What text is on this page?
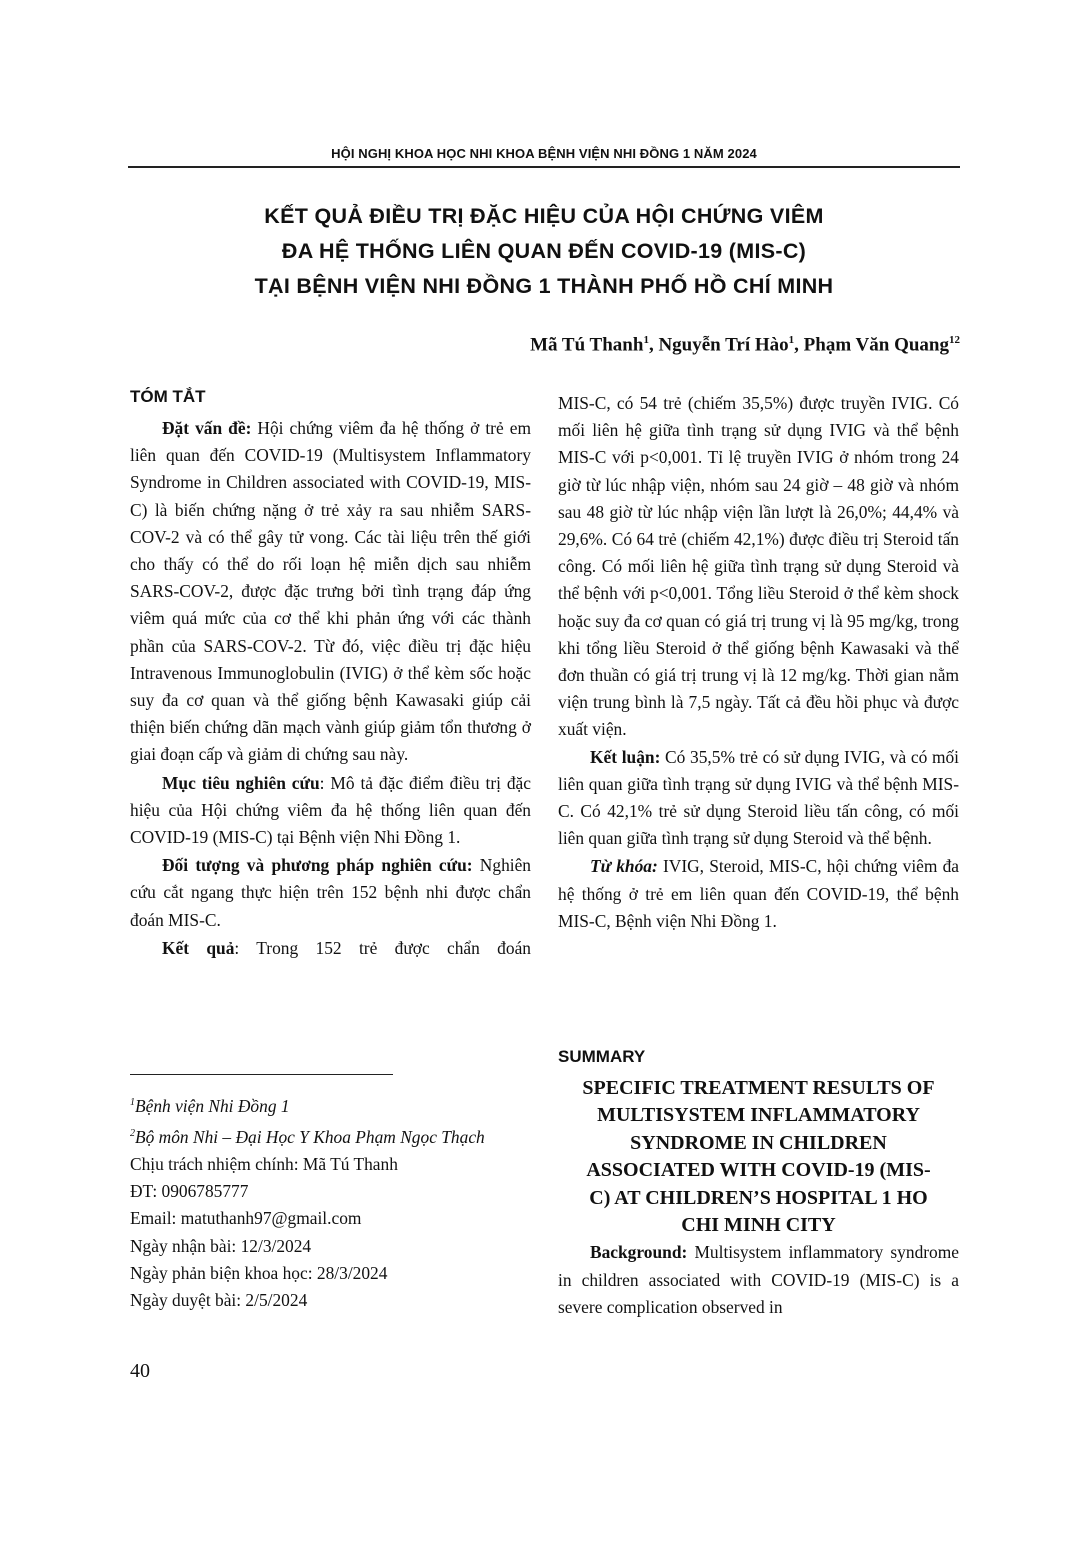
HỘI NGHỊ KHOA HỌC NHI KHOA BỆNH VIỆN NHI ĐỒNG 1 NĂM 2024
KẾT QUẢ ĐIỀU TRỊ ĐẶC HIỆU CỦA HỘI CHỨNG VIÊM
ĐA HỆ THỐNG LIÊN QUAN ĐẾN COVID-19 (MIS-C)
TẠI BỆNH VIỆN NHI ĐỒNG 1 THÀNH PHỐ HỒ CHÍ MINH
Mã Tú Thanh$^1$, Nguyễn Trí Hào$^1$, Phạm Văn Quang$^{12}$
TÓM TẮT

Đặt vấn đề: Hội chứng viêm đa hệ thống ở trẻ em liên quan đến COVID-19 (Multisystem Inflammatory Syndrome in Children associated with COVID-19, MIS-C) là biến chứng nặng ở trẻ xảy ra sau nhiễm SARS-COV-2 và có thể gây tử vong. Các tài liệu trên thế giới cho thấy có thể do rối loạn hệ miễn dịch sau nhiễm SARS-COV-2, được đặc trưng bởi tình trạng đáp ứng viêm quá mức của cơ thể khi phản ứng với các thành phần của SARS-COV-2. Từ đó, việc điều trị đặc hiệu Intravenous Immunoglobulin (IVIG) ở thể kèm sốc hoặc suy đa cơ quan và thể giống bệnh Kawasaki giúp cải thiện biến chứng dãn mạch vành giúp giảm tổn thương ở giai đoạn cấp và giảm di chứng sau này.

Mục tiêu nghiên cứu: Mô tả đặc điểm điều trị đặc hiệu của Hội chứng viêm đa hệ thống liên quan đến COVID-19 (MIS-C) tại Bệnh viện Nhi Đồng 1.

Đối tượng và phương pháp nghiên cứu: Nghiên cứu cắt ngang thực hiện trên 152 bệnh nhi được chẩn đoán MIS-C.

Kết quả: Trong 152 trẻ được chẩn đoán

$^1$Bệnh viện Nhi Đồng 1
$^2$Bộ môn Nhi – Đại Học Y Khoa Phạm Ngọc Thạch
Chịu trách nhiệm chính: Mã Tú Thanh
ĐT: 0906785777
Email: matuthanh97@gmail.com
Ngày nhận bài: 12/3/2024
Ngày phản biện khoa học: 28/3/2024
Ngày duyệt bài: 2/5/2024

MIS-C, có 54 trẻ (chiếm 35,5%) được truyền IVIG. Có mối liên hệ giữa tình trạng sử dụng IVIG và thể bệnh MIS-C với p<0,001. Tỉ lệ truyền IVIG ở nhóm trong 24 giờ từ lúc nhập viện, nhóm sau 24 giờ – 48 giờ và nhóm sau 48 giờ từ lúc nhập viện lần lượt là 26,0%; 44,4% và 29,6%. Có 64 trẻ (chiếm 42,1%) được điều trị Steroid tấn công. Có mối liên hệ giữa tình trạng sử dụng Steroid và thể bệnh với p<0,001. Tổng liều Steroid ở thể kèm shock hoặc suy đa cơ quan có giá trị trung vị là 95 mg/kg, trong khi tổng liều Steroid ở thể giống bệnh Kawasaki và thể đơn thuần có giá trị trung vị là 12 mg/kg. Thời gian nằm viện trung bình là 7,5 ngày. Tất cả đều hồi phục và được xuất viện.

Kết luận: Có 35,5% trẻ có sử dụng IVIG, và có mối liên quan giữa tình trạng sử dụng IVIG và thể bệnh MIS-C. Có 42,1% trẻ sử dụng Steroid liều tấn công, có mối liên quan giữa tình trạng sử dụng Steroid và thể bệnh.

Từ khóa: IVIG, Steroid, MIS-C, hội chứng viêm đa hệ thống ở trẻ em liên quan đến COVID-19, thể bệnh MIS-C, Bệnh viện Nhi Đồng 1.

SUMMARY
SPECIFIC TREATMENT RESULTS OF
MULTISYSTEM INFLAMMATORY
SYNDROME IN CHILDREN
ASSOCIATED WITH COVID-19 (MIS-
C) AT CHILDREN’S HOSPITAL 1 HO
CHI MINH CITY

Background: Multisystem inflammatory syndrome in children associated with COVID-19 (MIS-C) is a severe complication observed in

40
